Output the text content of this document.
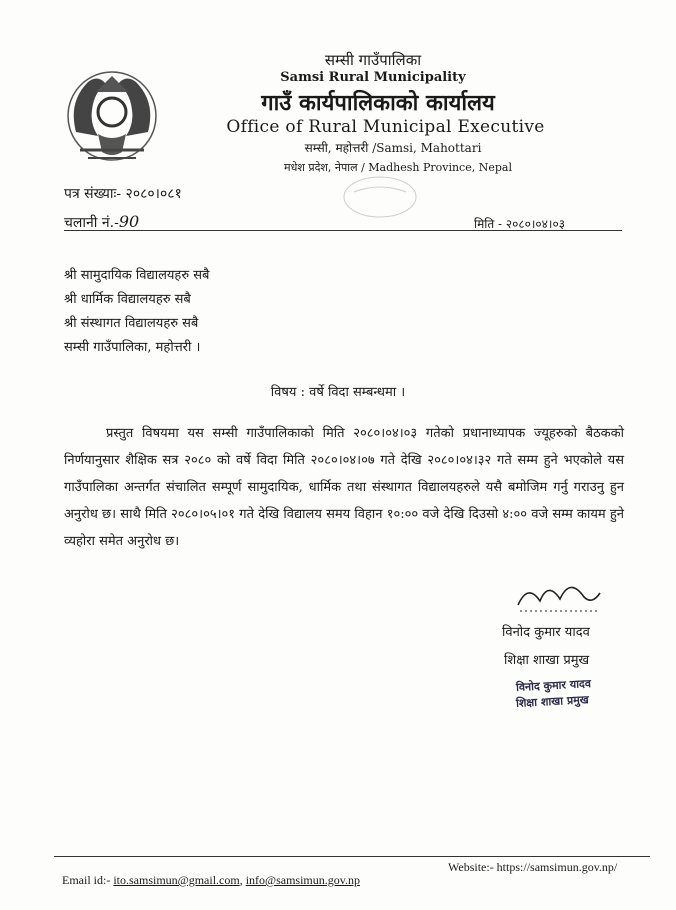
सम्सी गाउँपालिका
Samsi Rural Municipality
गाउँ कार्यपालिकाको कार्यालय
Office of Rural Municipal Executive
सम्सी, महोत्तरी /Samsi, Mahottari
मधेश प्रदेश, नेपाल / Madhesh Province, Nepal
पत्र संख्याः- २०८०।०८१
चलानी नं.-90	मिति - २०८०।०४।०३
श्री सामुदायिक विद्यालयहरु सबै
श्री धार्मिक विद्यालयहरु सबै
श्री संस्थागत विद्यालयहरु सबै
सम्सी गाउँपालिका, महोत्तरी ।
विषय : वर्षे विदा सम्बन्धमा ।
प्रस्तुत विषयमा यस सम्सी गाउँपालिकाको मिति २०८०।०४।०३ गतेको प्रधानाध्यापक ज्यूहरुको बैठकको निर्णयानुसार शैक्षिक सत्र २०८० को वर्षे विदा मिति २०८०।०४।०७ गते देखि २०८०।०४।३२ गते सम्म हुने भएकोले यस गाउँपालिका अन्तर्गत संचालित सम्पूर्ण सामुदायिक, धार्मिक तथा संस्थागत विद्यालयहरुले यसै बमोजिम गर्नु गराउनु हुन अनुरोध छ। साथै मिति २०८०।०५।०१ गते देखि विद्यालय समय विहान १०:०० वजे देखि दिउसो ४:०० वजे सम्म कायम हुने व्यहोरा समेत अनुरोध छ।
विनोद कुमार यादव
शिक्षा शाखा प्रमुख
विनोद कुमार यादव
शिक्षा शाखा प्रमुख
Email id:- ito.samsimun@gmail.com, info@samsimun.gov.np
Website:- https://samsimun.gov.np/
